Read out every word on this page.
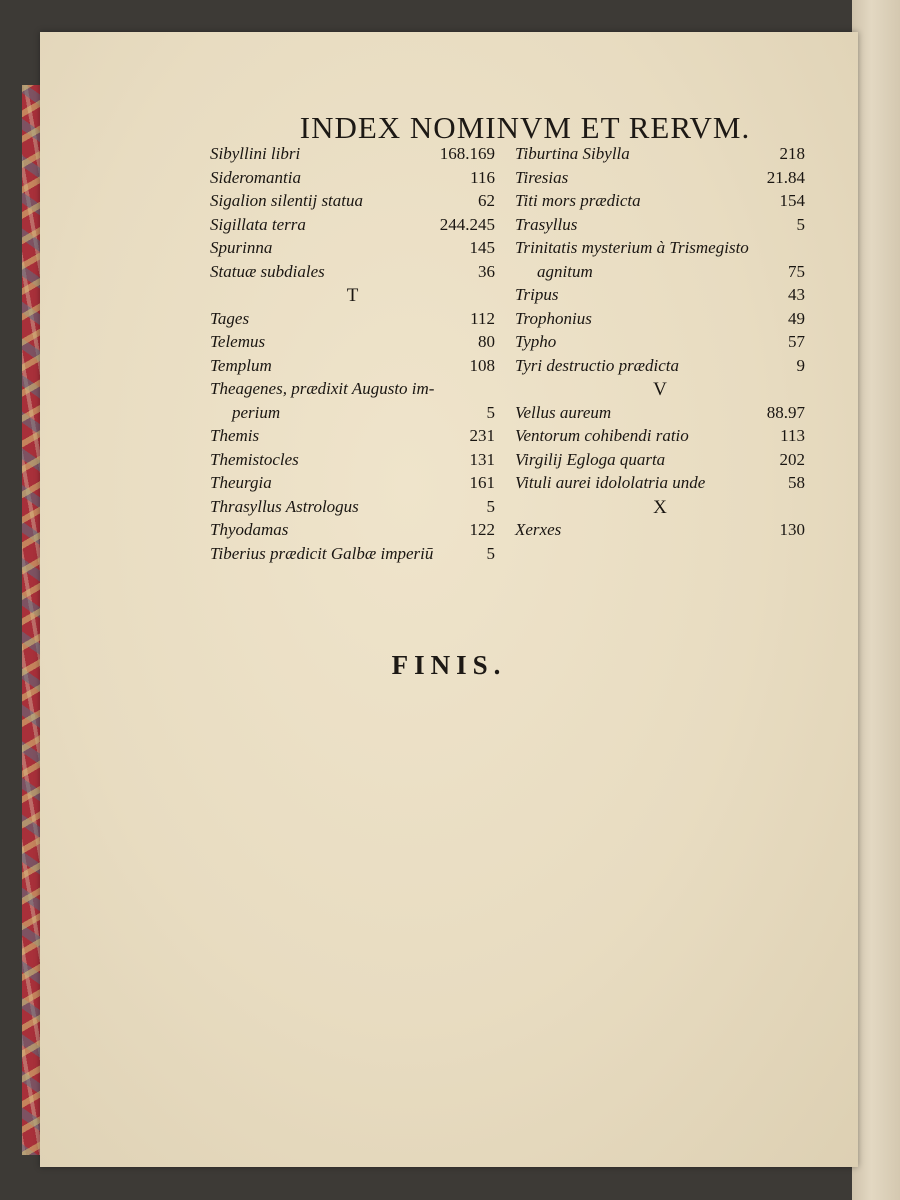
INDEX NOMINVM ET RERVM.
Sibyllini libri	168.169
Sideromantia	116
Sigalion silentij statua	62
Sigillata terra	244.245
Spurinna	145
Statuæ subdiales	36
T
Tages	112
Telemus	80
Templum	108
Theagenes, prædixit Augusto im-
perium	5
Themis	231
Themistocles	131
Theurgia	161
Thrasyllus Astrologus	5
Thyodamas	122
Tiberius prædicit Galbæ imperiū	5
Tiburtina Sibylla	218
Tiresias	21.84
Titi mors prædicta	154
Trasyllus	5
Trinitatis mysterium à Trismegisto
agnitum	75
Tripus	43
Trophonius	49
Typho	57
Tyri destructio prædicta	9
V
Vellus aureum	88.97
Ventorum cohibendi ratio	113
Virgilij Egloga quarta	202
Vituli aurei idololatria unde	58
X
Xerxes	130
FINIS.
